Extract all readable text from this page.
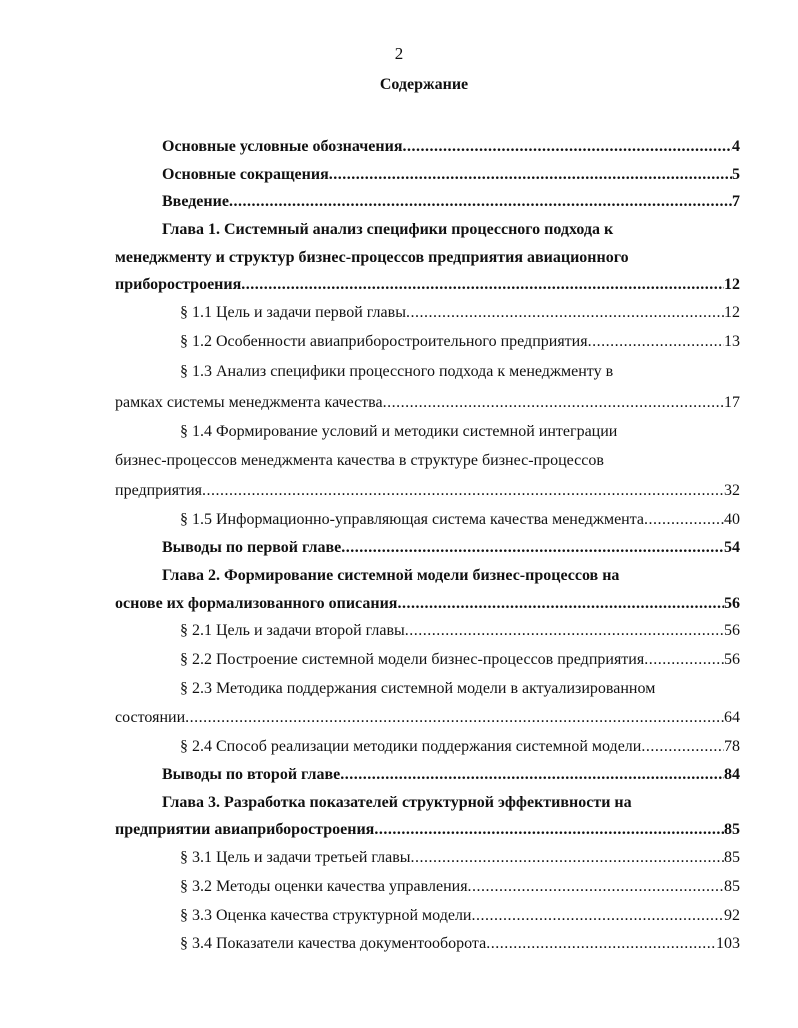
2
Содержание
Основные условные обозначения .....	4
Основные сокращения .....	5
Введение .....	7
Глава 1. Системный анализ специфики процессного подхода к
менеджменту и структур бизнес-процессов предприятия авиационного
приборостроения .....	12
§ 1.1 Цель и задачи первой главы .....	12
§ 1.2 Особенности авиаприборостроительного предприятия .....	13
§ 1.3 Анализ специфики процессного подхода к менеджменту в
рамках системы менеджмента качества .....	17
§ 1.4 Формирование условий и методики системной интеграции
бизнес-процессов менеджмента качества в структуре бизнес-процессов
предприятия .....	32
§ 1.5 Информационно-управляющая система качества менеджмента .....	40
Выводы по первой главе .....	54
Глава 2. Формирование системной модели бизнес-процессов на
основе их формализованного описания .....	56
§ 2.1 Цель и задачи второй главы .....	56
§ 2.2 Построение системной модели бизнес-процессов предприятия .....	56
§ 2.3 Методика поддержания системной модели в актуализированном
состоянии .....	64
§ 2.4 Способ реализации методики поддержания системной модели .....	78
Выводы по второй главе .....	84
Глава 3. Разработка показателей структурной эффективности на
предприятии авиаприборостроения .....	85
§ 3.1 Цель и задачи третьей главы .....	85
§ 3.2 Методы оценки качества управления .....	85
§ 3.3 Оценка качества структурной модели .....	92
§ 3.4 Показатели качества документооборота .....	103
